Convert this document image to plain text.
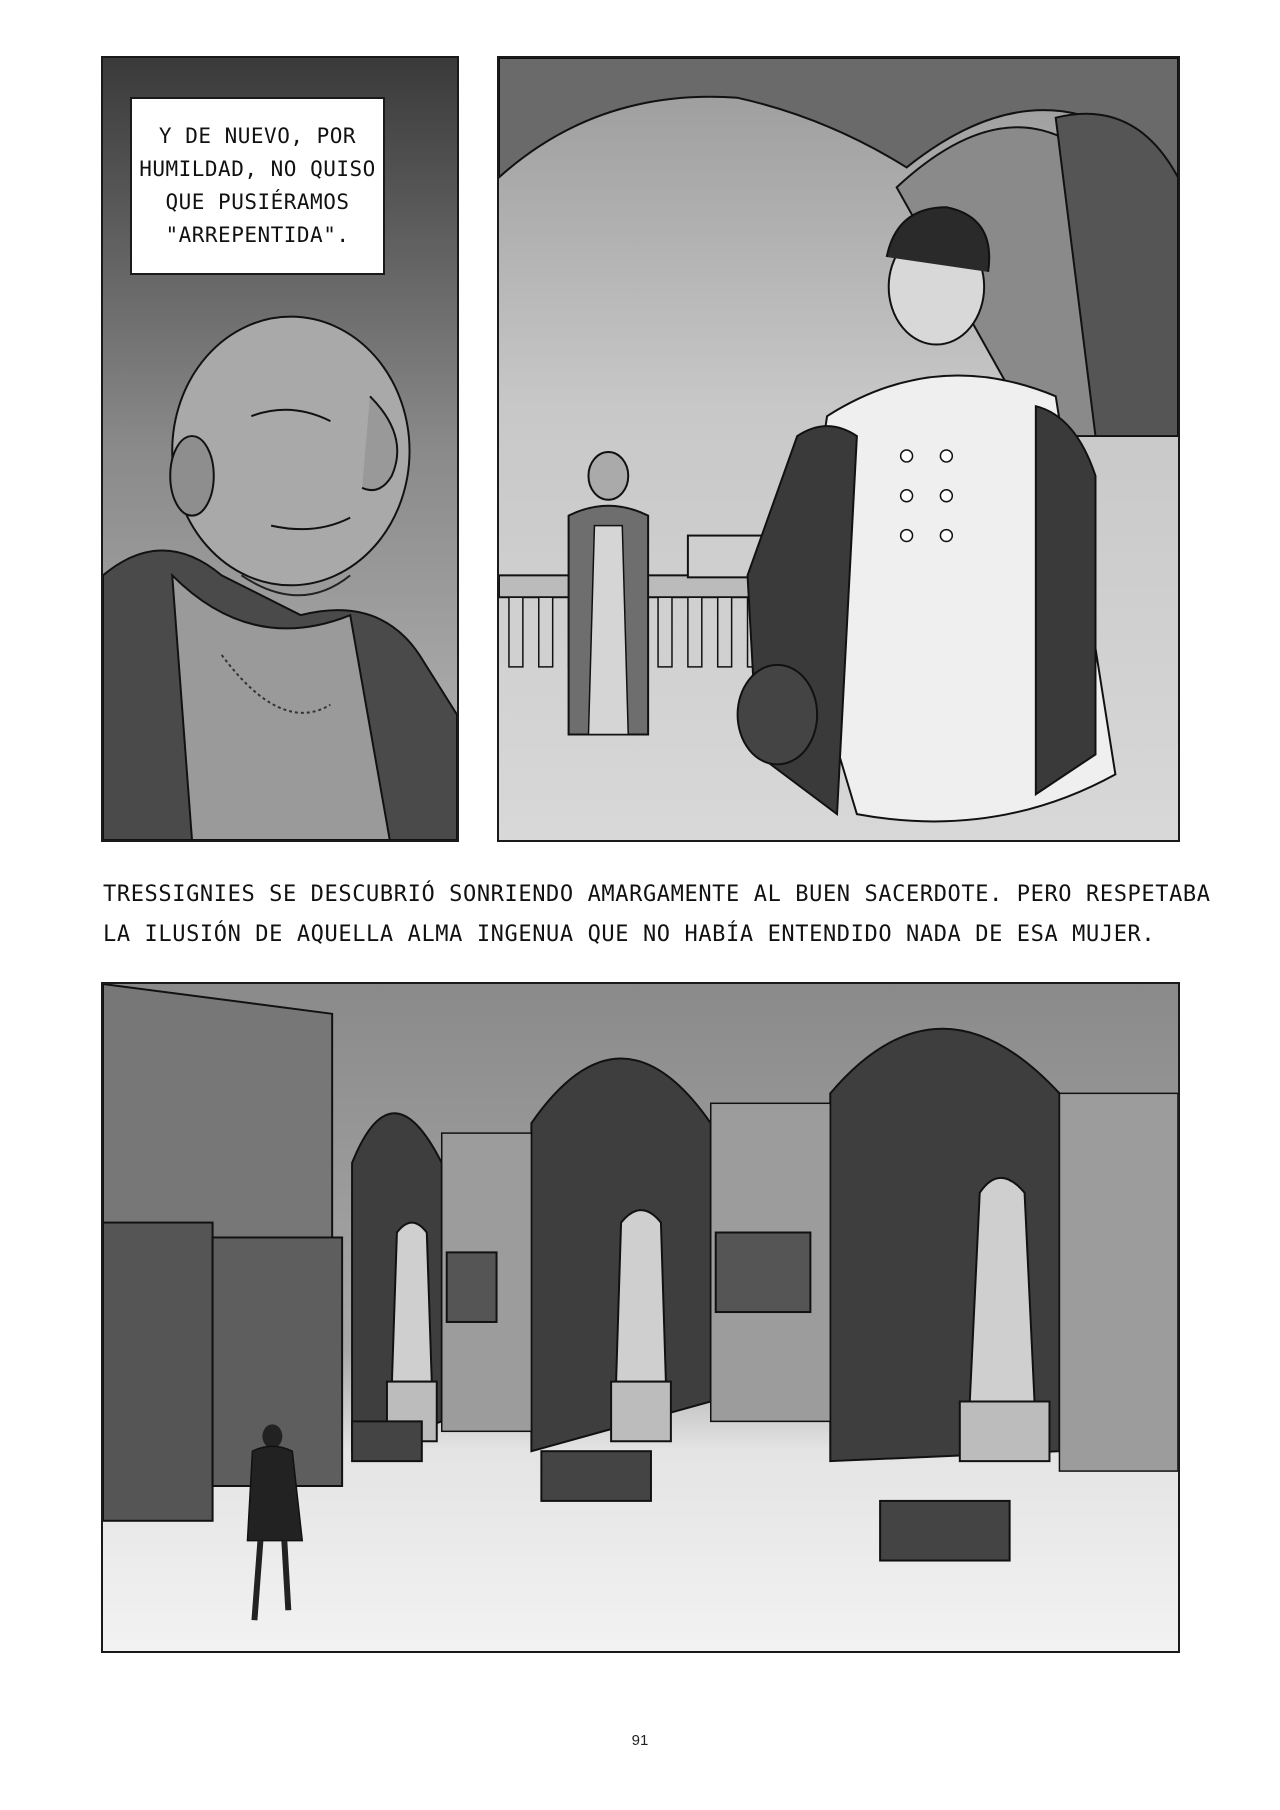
Y DE NUEVO, POR
HUMILDAD, NO QUISO
QUE PUSIÉRAMOS
"ARREPENTIDA".
TRESSIGNIES SE DESCUBRIÓ SONRIENDO AMARGAMENTE AL BUEN SACERDOTE. PERO RESPETABA
LA ILUSIÓN DE AQUELLA ALMA INGENUA QUE NO HABÍA ENTENDIDO NADA DE ESA MUJER.
91
